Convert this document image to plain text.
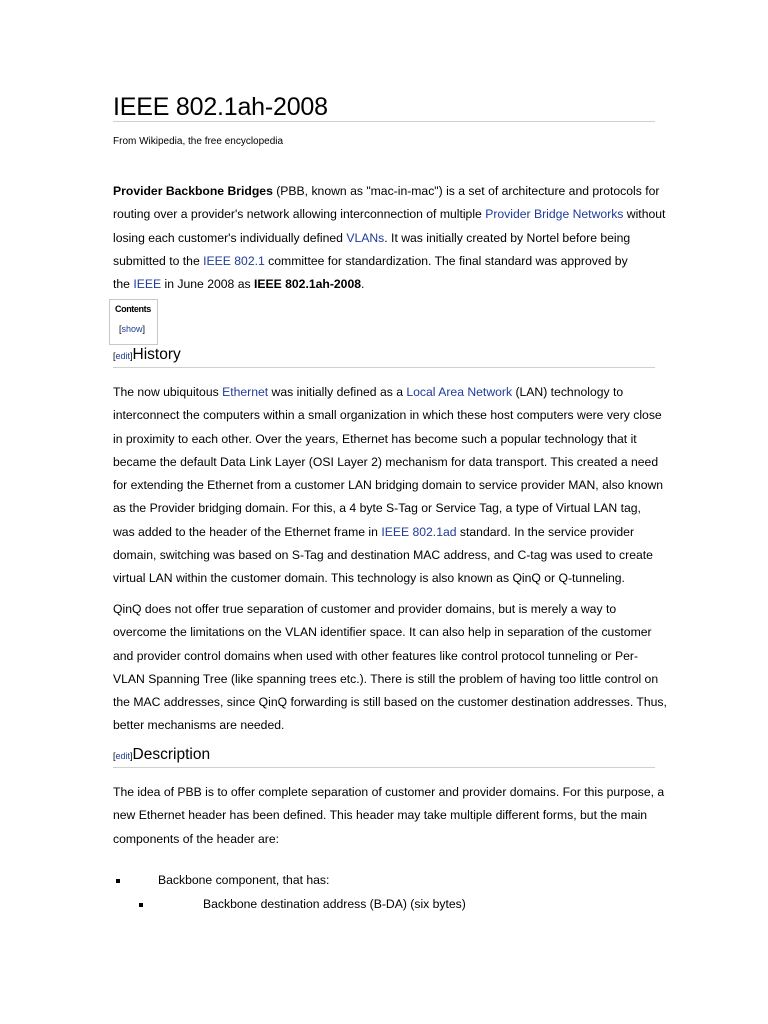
IEEE 802.1ah-2008
From Wikipedia, the free encyclopedia
Provider Backbone Bridges (PBB, known as "mac-in-mac") is a set of architecture and protocols for
routing over a provider's network allowing interconnection of multiple Provider Bridge Networks without
losing each customer's individually defined VLANs. It was initially created by Nortel before being
submitted to the IEEE 802.1 committee for standardization. The final standard was approved by
the IEEE in June 2008 as IEEE 802.1ah-2008.
Contents
[show]
[edit]History
The now ubiquitous Ethernet was initially defined as a Local Area Network (LAN) technology to
interconnect the computers within a small organization in which these host computers were very close
in proximity to each other. Over the years, Ethernet has become such a popular technology that it
became the default Data Link Layer (OSI Layer 2) mechanism for data transport. This created a need
for extending the Ethernet from a customer LAN bridging domain to service provider MAN, also known
as the Provider bridging domain. For this, a 4 byte S-Tag or Service Tag, a type of Virtual LAN tag,
was added to the header of the Ethernet frame in IEEE 802.1ad standard. In the service provider
domain, switching was based on S-Tag and destination MAC address, and C-tag was used to create
virtual LAN within the customer domain. This technology is also known as QinQ or Q-tunneling.
QinQ does not offer true separation of customer and provider domains, but is merely a way to
overcome the limitations on the VLAN identifier space. It can also help in separation of the customer
and provider control domains when used with other features like control protocol tunneling or Per-
VLAN Spanning Tree (like spanning trees etc.). There is still the problem of having too little control on
the MAC addresses, since QinQ forwarding is still based on the customer destination addresses. Thus,
better mechanisms are needed.
[edit]Description
The idea of PBB is to offer complete separation of customer and provider domains. For this purpose, a
new Ethernet header has been defined. This header may take multiple different forms, but the main
components of the header are:
Backbone component, that has:
Backbone destination address (B-DA) (six bytes)
